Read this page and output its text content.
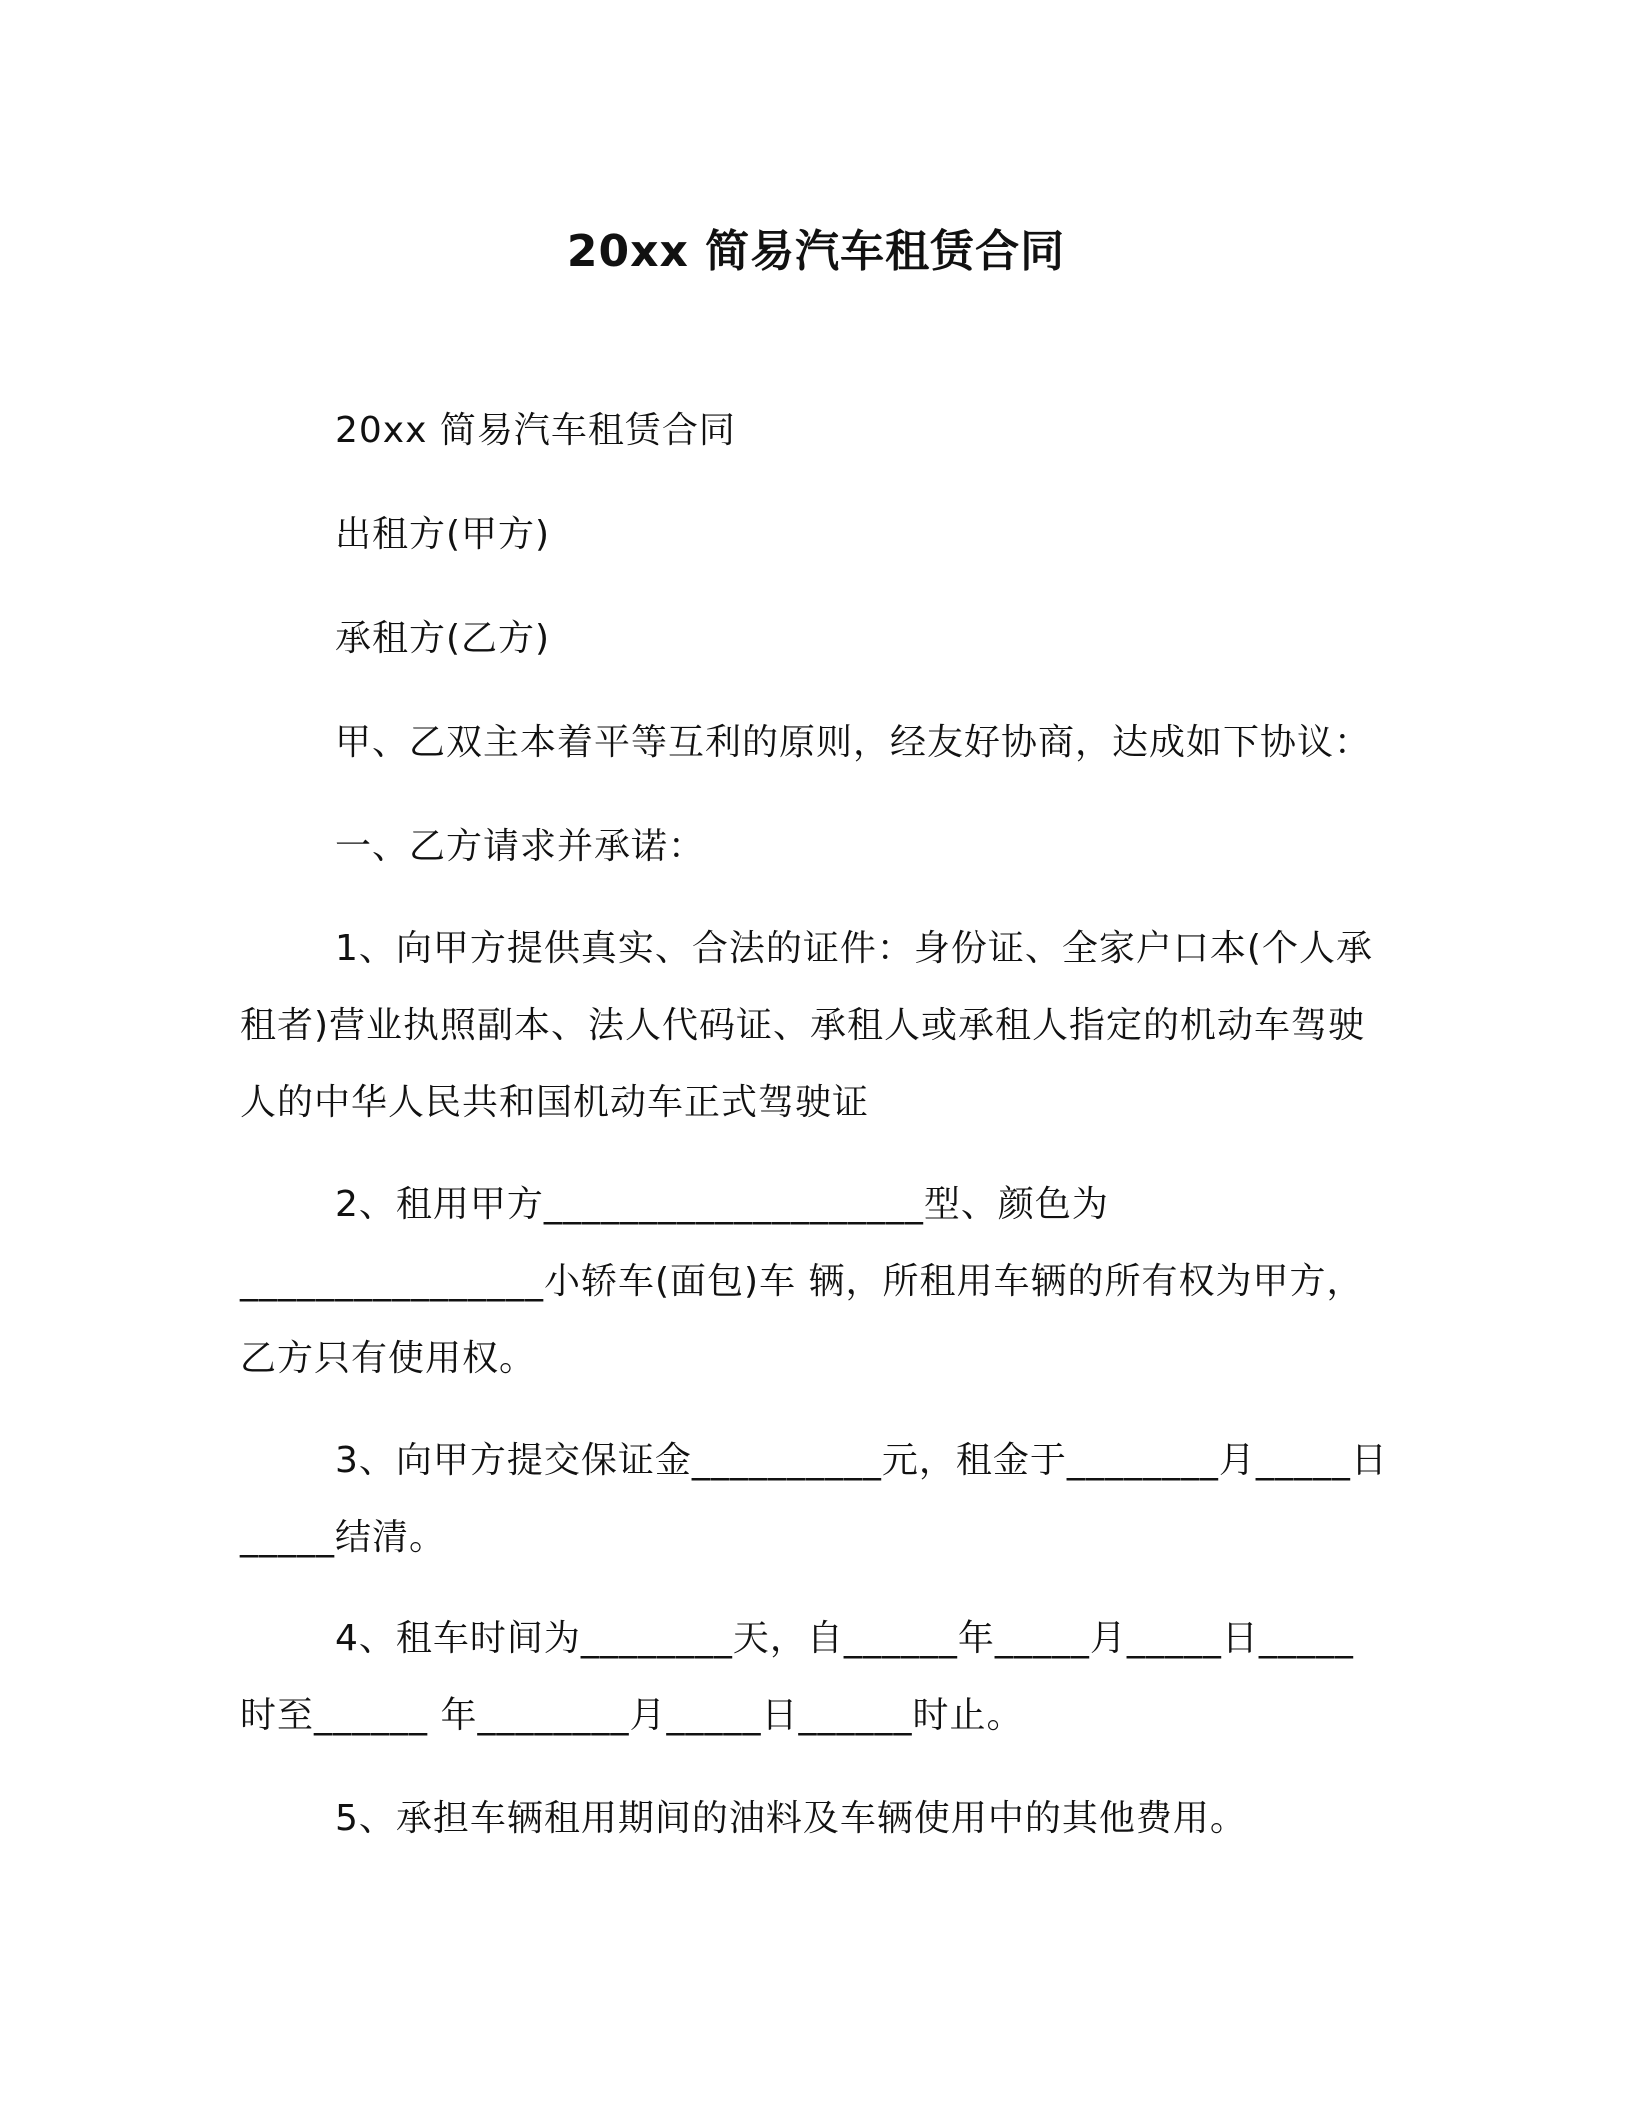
20xx 简易汽车租赁合同

20xx 简易汽车租赁合同

出租方(甲方)

承租方(乙方)

甲、乙双主本着平等互利的原则，经友好协商，达成如下协议：

一、乙方请求并承诺：

1、向甲方提供真实、合法的证件：身份证、全家户口本(个人承租者)营业执照副本、法人代码证、承租人或承租人指定的机动车驾驶人的中华人民共和国机动车正式驾驶证

2、租用甲方____________________型、颜色为________________小轿车(面包)车 辆，所租用车辆的所有权为甲方，乙方只有使用权。

3、向甲方提交保证金__________元，租金于________月_____日_____结清。

4、租车时间为________天，自______年_____月_____日_____时至______ 年________月_____日______时止。

5、承担车辆租用期间的油料及车辆使用中的其他费用。
